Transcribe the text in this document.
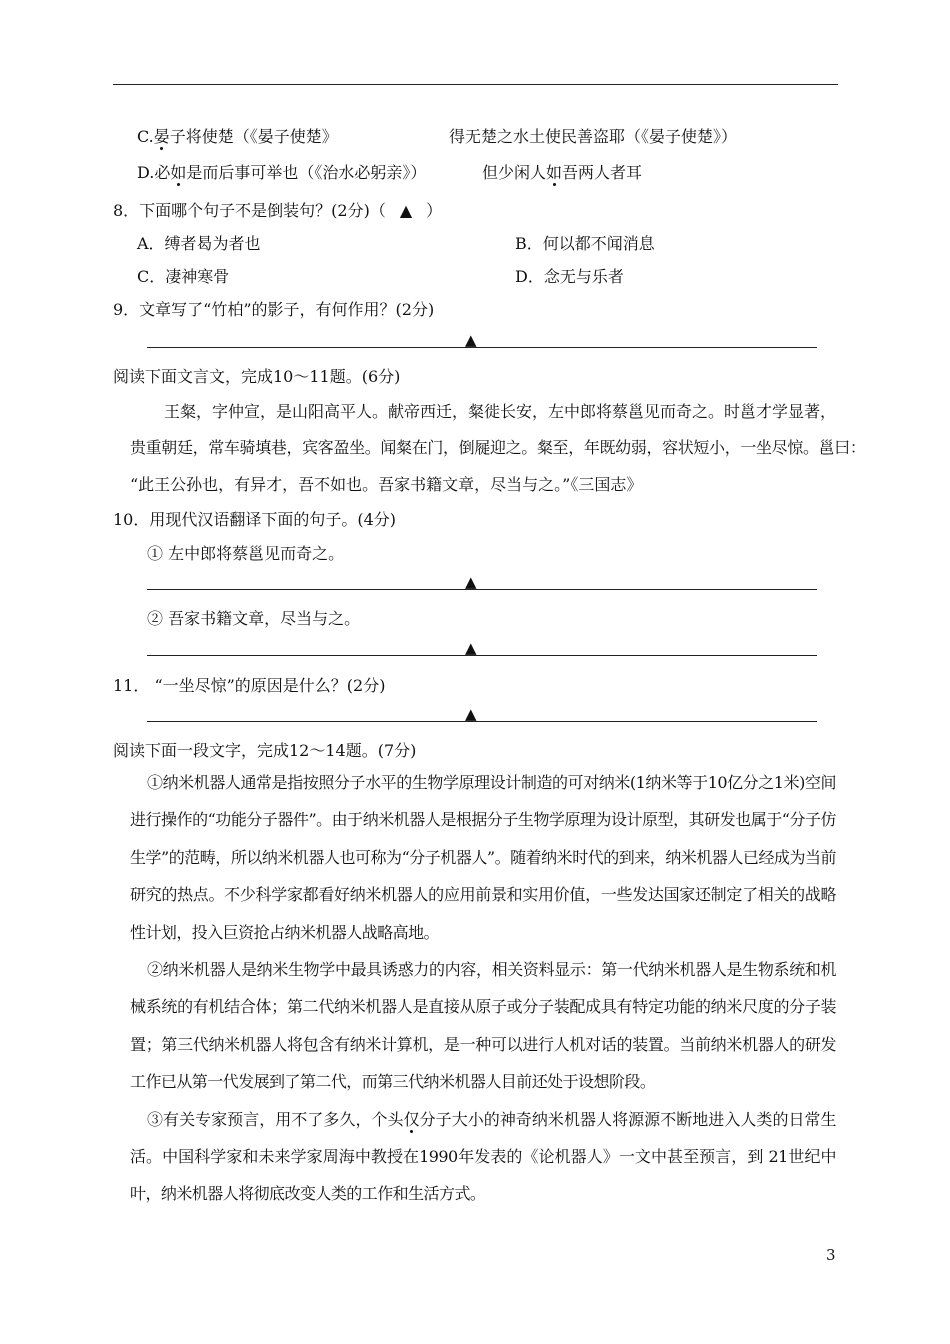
C.晏子将使楚（《晏子使楚》	得无楚之水土使民善盗耶（《晏子使楚》）
D.必如是而后事可举也（《治水必躬亲》）	但少闲人如吾两人者耳
8．下面哪个句子不是倒装句？(2分)（ ▲ ）
A．缚者曷为者也	B．何以都不闻消息
C．凄神寒骨	D．念无与乐者
9．文章写了“竹柏”的影子，有何作用？(2分)
▲
阅读下面文言文，完成10～11题。(6分)
王粲，字仲宣，是山阳高平人。献帝西迁，粲徙长安，左中郎将蔡邕见而奇之。时邕才学显著，
贵重朝廷，常车骑填巷，宾客盈坐。闻粲在门，倒屣迎之。粲至，年既幼弱，容状短小，一坐尽惊。邕曰：
“此王公孙也，有异才，吾不如也。吾家书籍文章，尽当与之。”《三国志》
10．用现代汉语翻译下面的句子。(4分)
① 左中郎将蔡邕见而奇之。
▲
② 吾家书籍文章，尽当与之。
▲
11． “一坐尽惊”的原因是什么？(2分)
▲
阅读下面一段文字，完成12～14题。(7分)

①纳米机器人通常是指按照分子水平的生物学原理设计制造的可对纳米(1纳米等于10亿分之1米)空间进行操作的“功能分子器件”。由于纳米机器人是根据分子生物学原理为设计原型，其研发也属于“分子仿生学”的范畴，所以纳米机器人也可称为“分子机器人”。随着纳米时代的到来，纳米机器人已经成为当前研究的热点。不少科学家都看好纳米机器人的应用前景和实用价值，一些发达国家还制定了相关的战略性计划，投入巨资抢占纳米机器人战略高地。

②纳米机器人是纳米生物学中最具诱惑力的内容，相关资料显示：第一代纳米机器人是生物系统和机械系统的有机结合体；第二代纳米机器人是直接从原子或分子装配成具有特定功能的纳米尺度的分子装置；第三代纳米机器人将包含有纳米计算机，是一种可以进行人机对话的装置。当前纳米机器人的研发工作已从第一代发展到了第二代，而第三代纳米机器人目前还处于设想阶段。

③有关专家预言，用不了多久，个头仅分子大小的神奇纳米机器人将源源不断地进入人类的日常生活。中国科学家和未来学家周海中教授在1990年发表的《论机器人》一文中甚至预言，到 21世纪中叶，纳米机器人将彻底改变人类的工作和生活方式。

3
